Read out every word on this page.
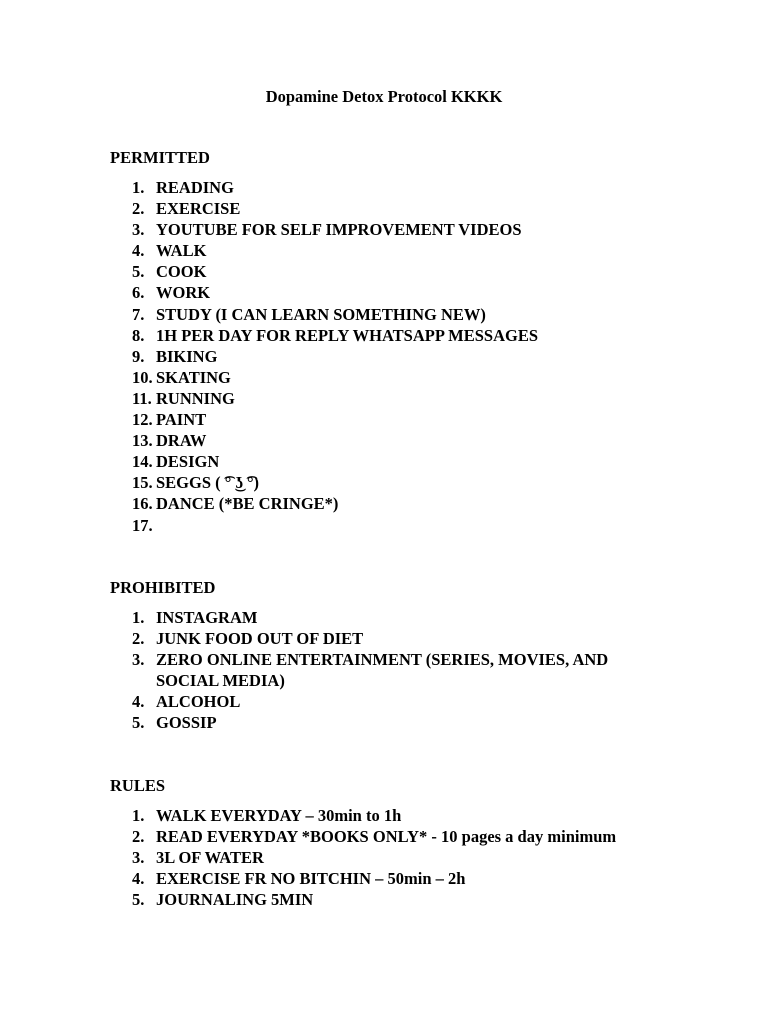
Dopamine Detox Protocol KKKK
PERMITTED
1. READING
2. EXERCISE
3. YOUTUBE FOR SELF IMPROVEMENT VIDEOS
4. WALK
5. COOK
6. WORK
7. STUDY (I CAN LEARN SOMETHING NEW)
8. 1H PER DAY FOR REPLY WHATSAPP MESSAGES
9. BIKING
10. SKATING
11. RUNNING
12. PAINT
13. DRAW
14. DESIGN
15. SEGGS ( ͡° ͜ʖ ͡°)
16. DANCE (*BE CRINGE*)
17.
PROHIBITED
1. INSTAGRAM
2. JUNK FOOD OUT OF DIET
3. ZERO ONLINE ENTERTAINMENT (SERIES, MOVIES, AND SOCIAL MEDIA)
4. ALCOHOL
5. GOSSIP
RULES
1. WALK EVERYDAY – 30min to 1h
2. READ EVERYDAY *BOOKS ONLY* - 10 pages a day minimum
3. 3L OF WATER
4. EXERCISE FR NO BITCHIN – 50min – 2h
5. JOURNALING 5MIN
